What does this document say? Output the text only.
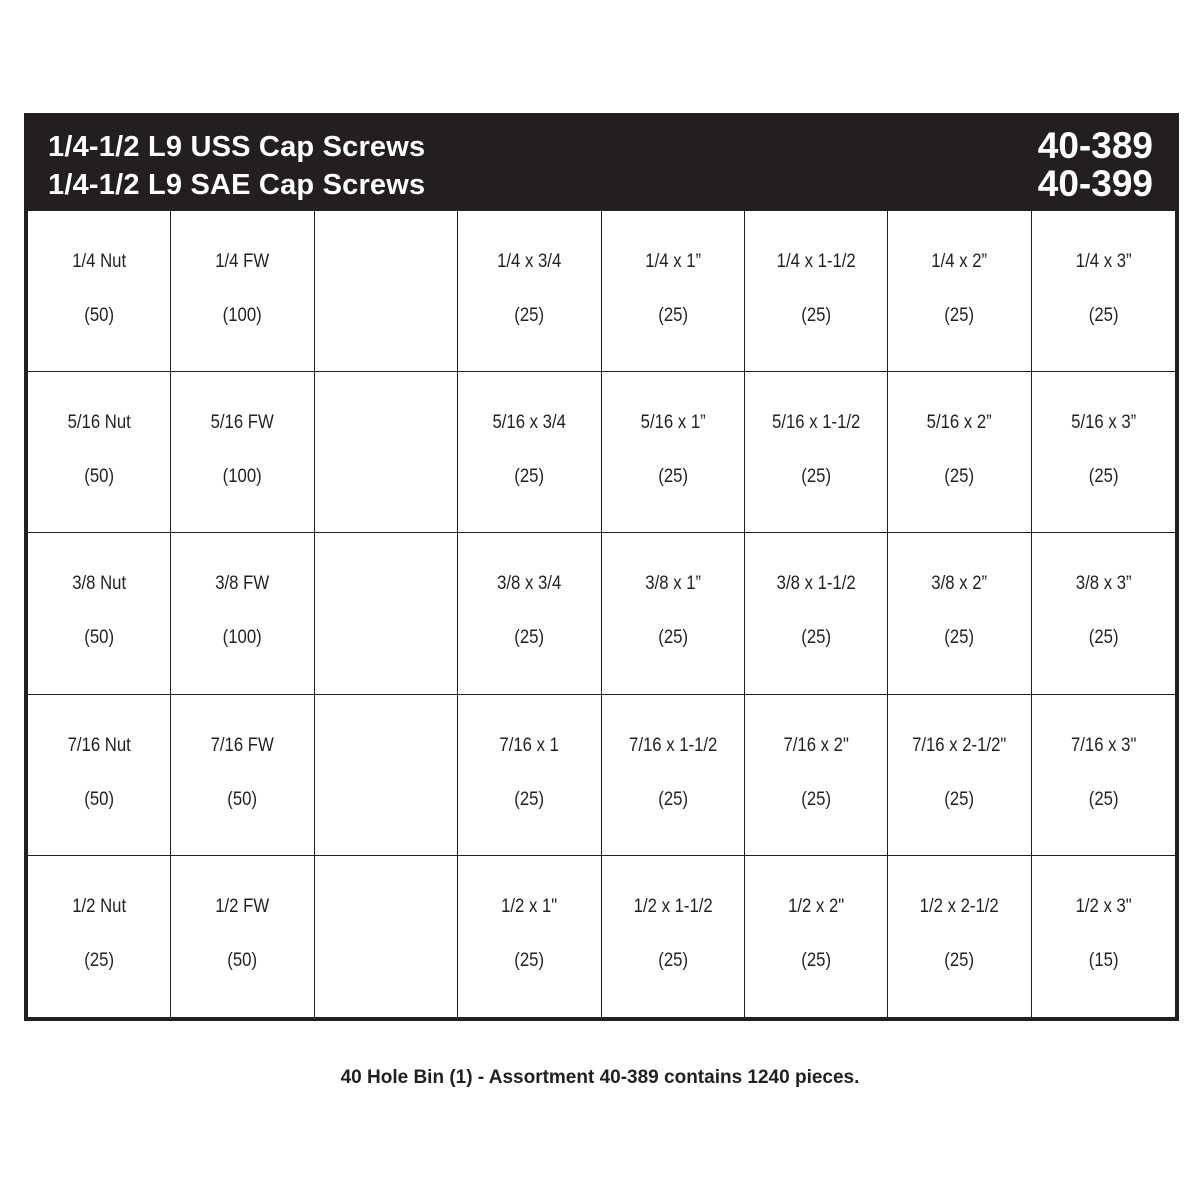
1/4-1/2 L9 USS Cap Screws
1/4-1/2 L9 SAE Cap Screws
40-389
40-399
1/4 Nut
(50)
1/4 FW
(100)
1/4 x 3/4
(25)
1/4 x 1”
(25)
1/4 x 1-1/2
(25)
1/4 x 2”
(25)
1/4 x 3”
(25)
5/16 Nut
(50)
5/16 FW
(100)
5/16 x 3/4
(25)
5/16 x 1”
(25)
5/16 x 1-1/2
(25)
5/16 x 2”
(25)
5/16 x 3”
(25)
3/8 Nut
(50)
3/8 FW
(100)
3/8 x 3/4
(25)
3/8 x 1”
(25)
3/8 x 1-1/2
(25)
3/8 x 2”
(25)
3/8 x 3”
(25)
7/16 Nut
(50)
7/16 FW
(50)
7/16 x 1
(25)
7/16 x 1-1/2
(25)
7/16 x 2"
(25)
7/16 x 2-1/2"
(25)
7/16 x 3"
(25)
1/2 Nut
(25)
1/2 FW
(50)
1/2 x 1"
(25)
1/2 x 1-1/2
(25)
1/2 x 2"
(25)
1/2 x 2-1/2
(25)
1/2 x 3"
(15)
40 Hole Bin (1) - Assortment 40-389 contains 1240 pieces.
